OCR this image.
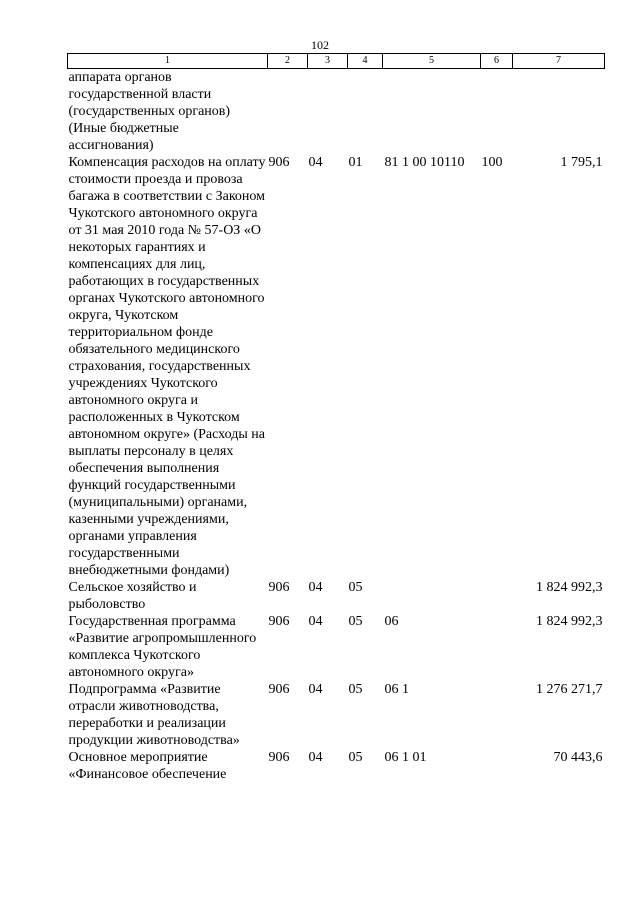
102
1	2	3	4	5	6	7
аппарата органов государственной власти (государственных органов) (Иные бюджетные ассигнования)						
Компенсация расходов на оплату стоимости проезда и провоза багажа в соответствии с Законом Чукотского автономного округа от 31 мая 2010 года № 57-ОЗ «О некоторых гарантиях и компенсациях для лиц, работающих в государственных органах Чукотского автономного округа, Чукотском территориальном фонде обязательного медицинского страхования, государственных учреждениях Чукотского автономного округа и расположенных в Чукотском автономном округе» (Расходы на выплаты персоналу в целях обеспечения выполнения функций государственными (муниципальными) органами, казенными учреждениями, органами управления государственными внебюджетными фондами)	906	04	01	81 1 00 10110	100	1 795,1
Сельское хозяйство и рыболовство	906	04	05			1 824 992,3
Государственная программа «Развитие агропромышленного комплекса Чукотского автономного округа»	906	04	05	06		1 824 992,3
Подпрограмма «Развитие отрасли животноводства, переработки и реализации продукции животноводства»	906	04	05	06 1		1 276 271,7
Основное мероприятие «Финансовое обеспечение	906	04	05	06 1 01		70 443,6
